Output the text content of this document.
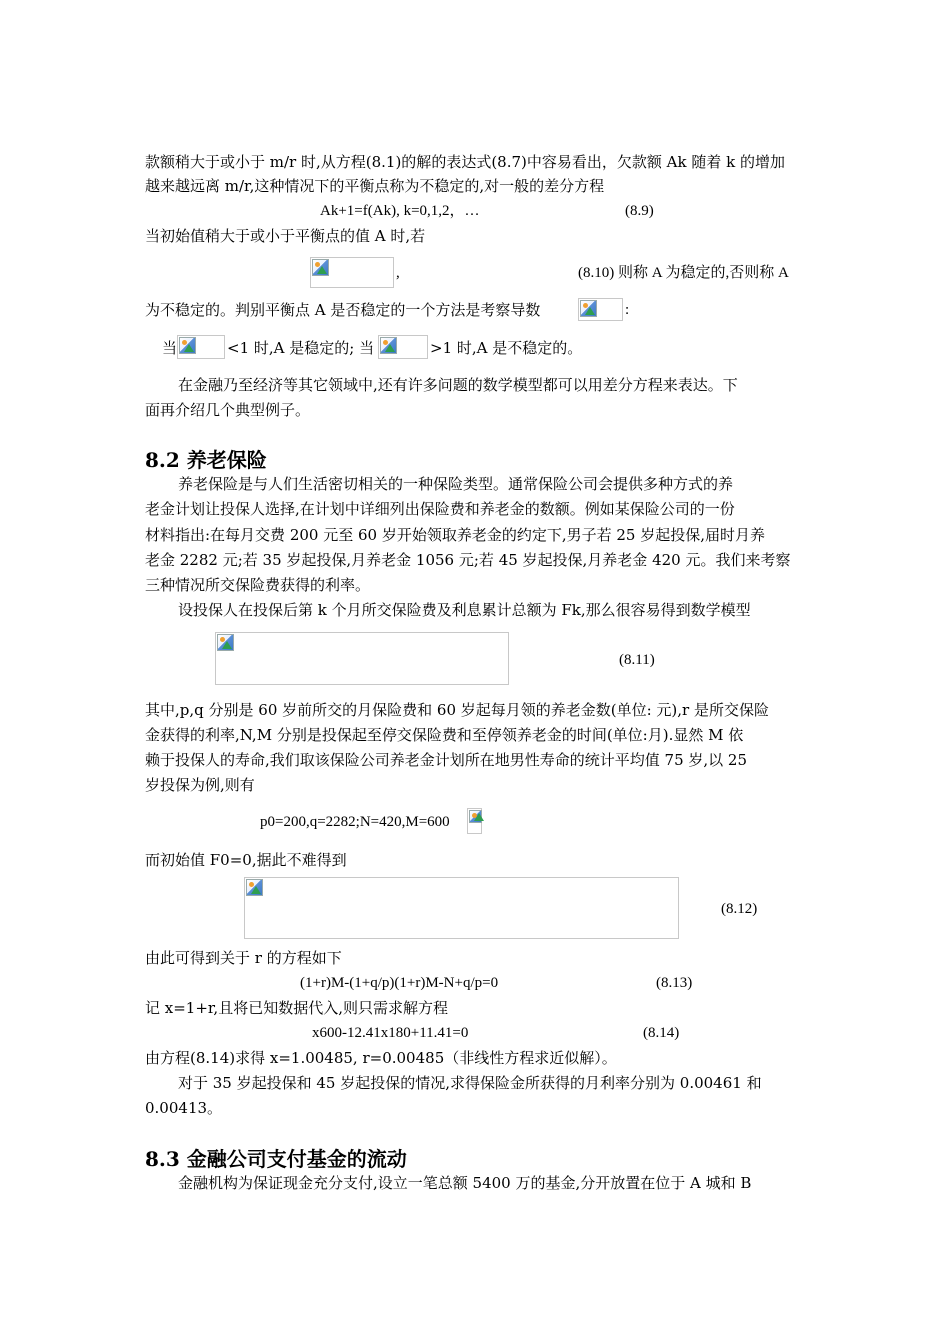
款额稍大于或小于 m/r 时,从方程(8.1)的解的表达式(8.7)中容易看出，欠款额 Ak 随着 k 的增加
越来越远离 m/r,这种情况下的平衡点称为不稳定的,对一般的差分方程
Ak+1=f(Ak), k=0,1,2，…	(8.9)
当初始值稍大于或小于平衡点的值 A 时,若
,	(8.10) 则称 A 为稳定的,否则称 A
为不稳定的。判别平衡点 A 是否稳定的一个方法是考察导数	:
当	<1 时,A 是稳定的; 当	>1 时,A 是不稳定的。
在金融乃至经济等其它领域中,还有许多问题的数学模型都可以用差分方程来表达。下
面再介绍几个典型例子。
8.2 养老保险
养老保险是与人们生活密切相关的一种保险类型。通常保险公司会提供多种方式的养
老金计划让投保人选择,在计划中详细列出保险费和养老金的数额。例如某保险公司的一份
材料指出:在每月交费 200 元至 60 岁开始领取养老金的约定下,男子若 25 岁起投保,届时月养
老金 2282 元;若 35 岁起投保,月养老金 1056 元;若 45 岁起投保,月养老金 420 元。我们来考察
三种情况所交保险费获得的利率。
设投保人在投保后第 k 个月所交保险费及利息累计总额为 Fk,那么很容易得到数学模型
(8.11)
其中,p,q 分别是 60 岁前所交的月保险费和 60 岁起每月领的养老金数(单位: 元),r 是所交保险
金获得的利率,N,M 分别是投保起至停交保险费和至停领养老金的时间(单位:月).显然 M 依
赖于投保人的寿命,我们取该保险公司养老金计划所在地男性寿命的统计平均值 75 岁,以 25
岁投保为例,则有
p0=200,q=2282;N=420,M=600
而初始值 F0=0,据此不难得到
(8.12)
由此可得到关于 r 的方程如下
(1+r)M-(1+q/p)(1+r)M-N+q/p=0	(8.13)
记 x=1+r,且将已知数据代入,则只需求解方程
x600-12.41x180+11.41=0	(8.14)
由方程(8.14)求得 x=1.00485, r=0.00485（非线性方程求近似解）。
对于 35 岁起投保和 45 岁起投保的情况,求得保险金所获得的月利率分别为 0.00461 和
0.00413。
8.3 金融公司支付基金的流动
金融机构为保证现金充分支付,设立一笔总额 5400 万的基金,分开放置在位于 A 城和 B
